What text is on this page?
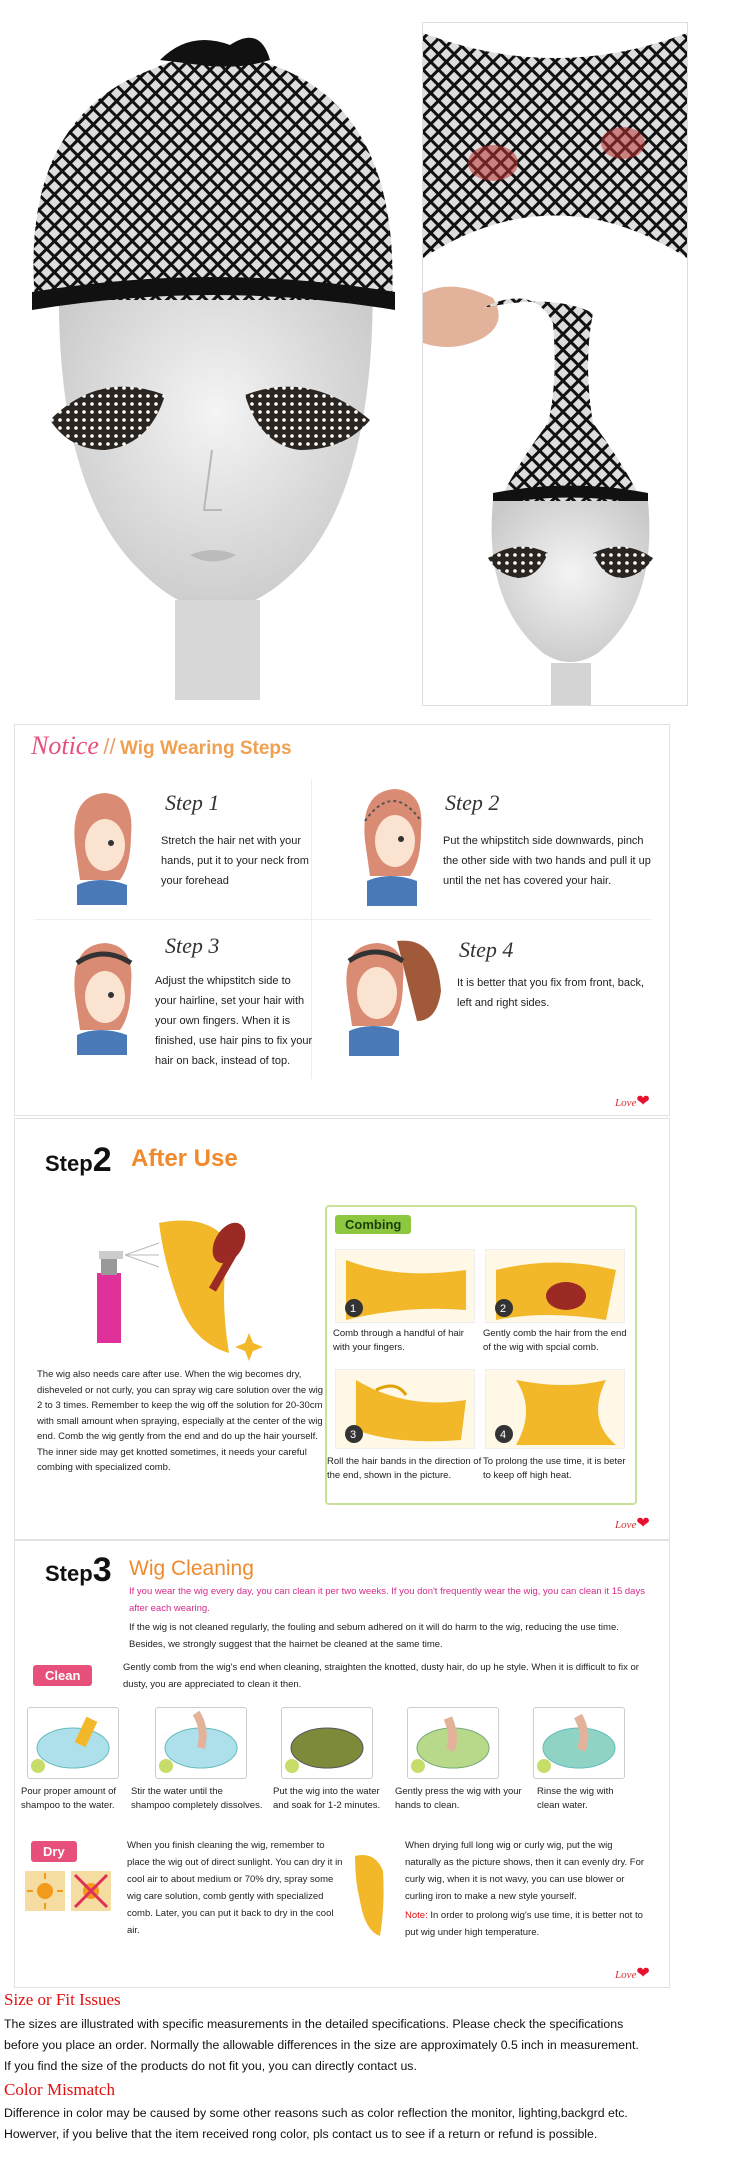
Notice // Wig Wearing Steps
Step 1
Stretch the hair net with your hands, put it to your neck from your forehead
Step 2
Put the whipstitch side downwards, pinch the other side with two hands and pull it up until the net has covered your hair.
Step 3
Adjust the whipstitch side to your hairline, set your hair with your own fingers. When it is finished, use hair pins to fix your hair on back, instead of top.
Step 4
It is better that you fix from front, back, left and right sides.
Love❤
Step2 After Use
The wig also needs care after use. When the wig becomes dry, disheveled or not curly, you can spray wig care solution over the wig 2 to 3 times. Remember to keep the wig off the solution for 20-30cm with small amount when spraying, especially at the center of the wig end. Comb the wig gently from the end and do up the hair yourself. The inner side may get knotted sometimes, it needs your careful combing with specialized comb.
Combing
1
Comb through a handful of hair with your fingers.
2
Gently comb the hair from the end of the wig with spcial comb.
3
Roll the hair bands in the direction of the end, shown in the picture.
4
To prolong the use time, it is beter to keep off high heat.
Love❤
Step3 Wig Cleaning
If you wear the wig every day, you can clean it per two weeks. If you don't frequently wear the wig, you can clean it 15 days after each wearing.
If the wig is not cleaned regularly, the fouling and sebum adhered on it will do harm to the wig, reducing the use time. Besides, we strongly suggest that the hairnet be cleaned at the same time.
Clean
Gently comb from the wig's end when cleaning, straighten the knotted, dusty hair, do up he style. When it is difficult to fix or dusty, you are appreciated to clean it then.
Pour proper amount of shampoo to the water.
Stir the water until the shampoo completely dissolves.
Put the wig into the water and soak for 1-2 minutes.
Gently press the wig with your hands to clean.
Rinse the wig with clean water.
Dry	When you finish cleaning the wig, remember to place the wig out of direct sunlight. You can dry it in cool air to about medium or 70% dry, spray some wig care solution, comb gently with specialized comb. Later, you can put it back to dry in the cool air.
When drying full long wig or curly wig, put the wig naturally as the picture shows, then it can evenly dry. For curly wig, when it is not wavy, you can use blower or curling iron to make a new style yourself.
Note: In order to prolong wig's use time, it is better not to put wig under high temperature.
Love❤
Size or Fit Issues
The sizes are illustrated with specific measurements in the detailed specifications. Please check the specifications
before you place an order. Normally the allowable differences in the size are approximately 0.5 inch in measurement.
If you find the size of the products do not fit you, you can directly contact us.
Color Mismatch
Difference in color may be caused by some other reasons such as color reflection the monitor, lighting,backgrd etc.
Howerver, if you belive that the item received rong color, pls contact us to see if a return or refund is possible.
